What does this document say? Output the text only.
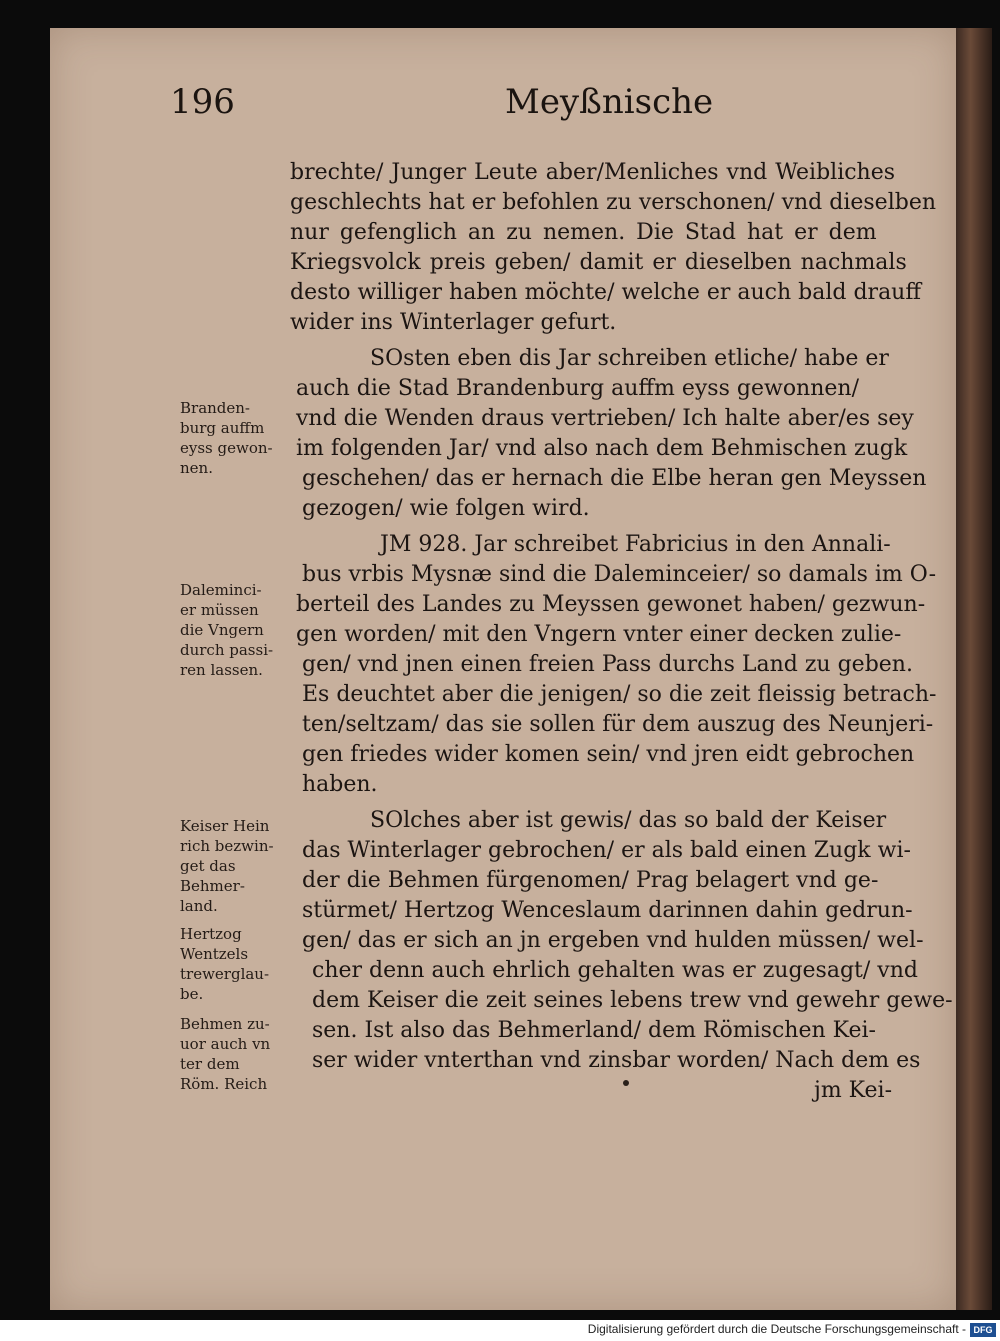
196	Meyßnische
brechte/ Junger Leute aber/Menliches vnd Weibliches
geschlechts hat er befohlen zu verschonen/ vnd dieselben
nur gefenglich an zu nemen. Die Stad hat er dem
Kriegsvolck preis geben/ damit er dieselben nachmals
desto williger haben möchte/ welche er auch bald drauff
wider ins Winterlager gefurt.
SOsten eben dis Jar schreiben etliche/ habe er
auch die Stad Brandenburg auffm eyss gewonnen/
vnd die Wenden draus vertrieben/ Ich halte aber/es sey
im folgenden Jar/ vnd also nach dem Behmischen zugk
geschehen/ das er hernach die Elbe heran gen Meyssen
gezogen/ wie folgen wird.
JM 928. Jar schreibet Fabricius in den Annali-
bus vrbis Mysnæ sind die Daleminceier/ so damals im O-
berteil des Landes zu Meyssen gewonet haben/ gezwun-
gen worden/ mit den Vngern vnter einer decken zulie-
gen/ vnd jnen einen freien Pass durchs Land zu geben.
Es deuchtet aber die jenigen/ so die zeit fleissig betrach-
ten/seltzam/ das sie sollen für dem auszug des Neunjeri-
gen friedes wider komen sein/ vnd jren eidt gebrochen
haben.
SOlches aber ist gewis/ das so bald der Keiser
das Winterlager gebrochen/ er als bald einen Zugk wi-
der die Behmen fürgenomen/ Prag belagert vnd ge-
stürmet/ Hertzog Wenceslaum darinnen dahin gedrun-
gen/ das er sich an jn ergeben vnd hulden müssen/ wel-
cher denn auch ehrlich gehalten was er zugesagt/ vnd
dem Keiser die zeit seines lebens trew vnd gewehr gewe-
sen. Ist also das Behmerland/ dem Römischen Kei-
ser wider vnterthan vnd zinsbar worden/ Nach dem es
jm Kei-
Branden-
burg auffm
eyss gewon-
nen.
Daleminci-
er müssen
die Vngern
durch passi-
ren lassen.
Keiser Hein
rich bezwin-
get das
Behmer-
land.
Hertzog
Wentzels
trewerglau-
be.
Behmen zu-
uor auch vn
ter dem
Röm. Reich
Digitalisierung gefördert durch die Deutsche Forschungsgemeinschaft - DFG
